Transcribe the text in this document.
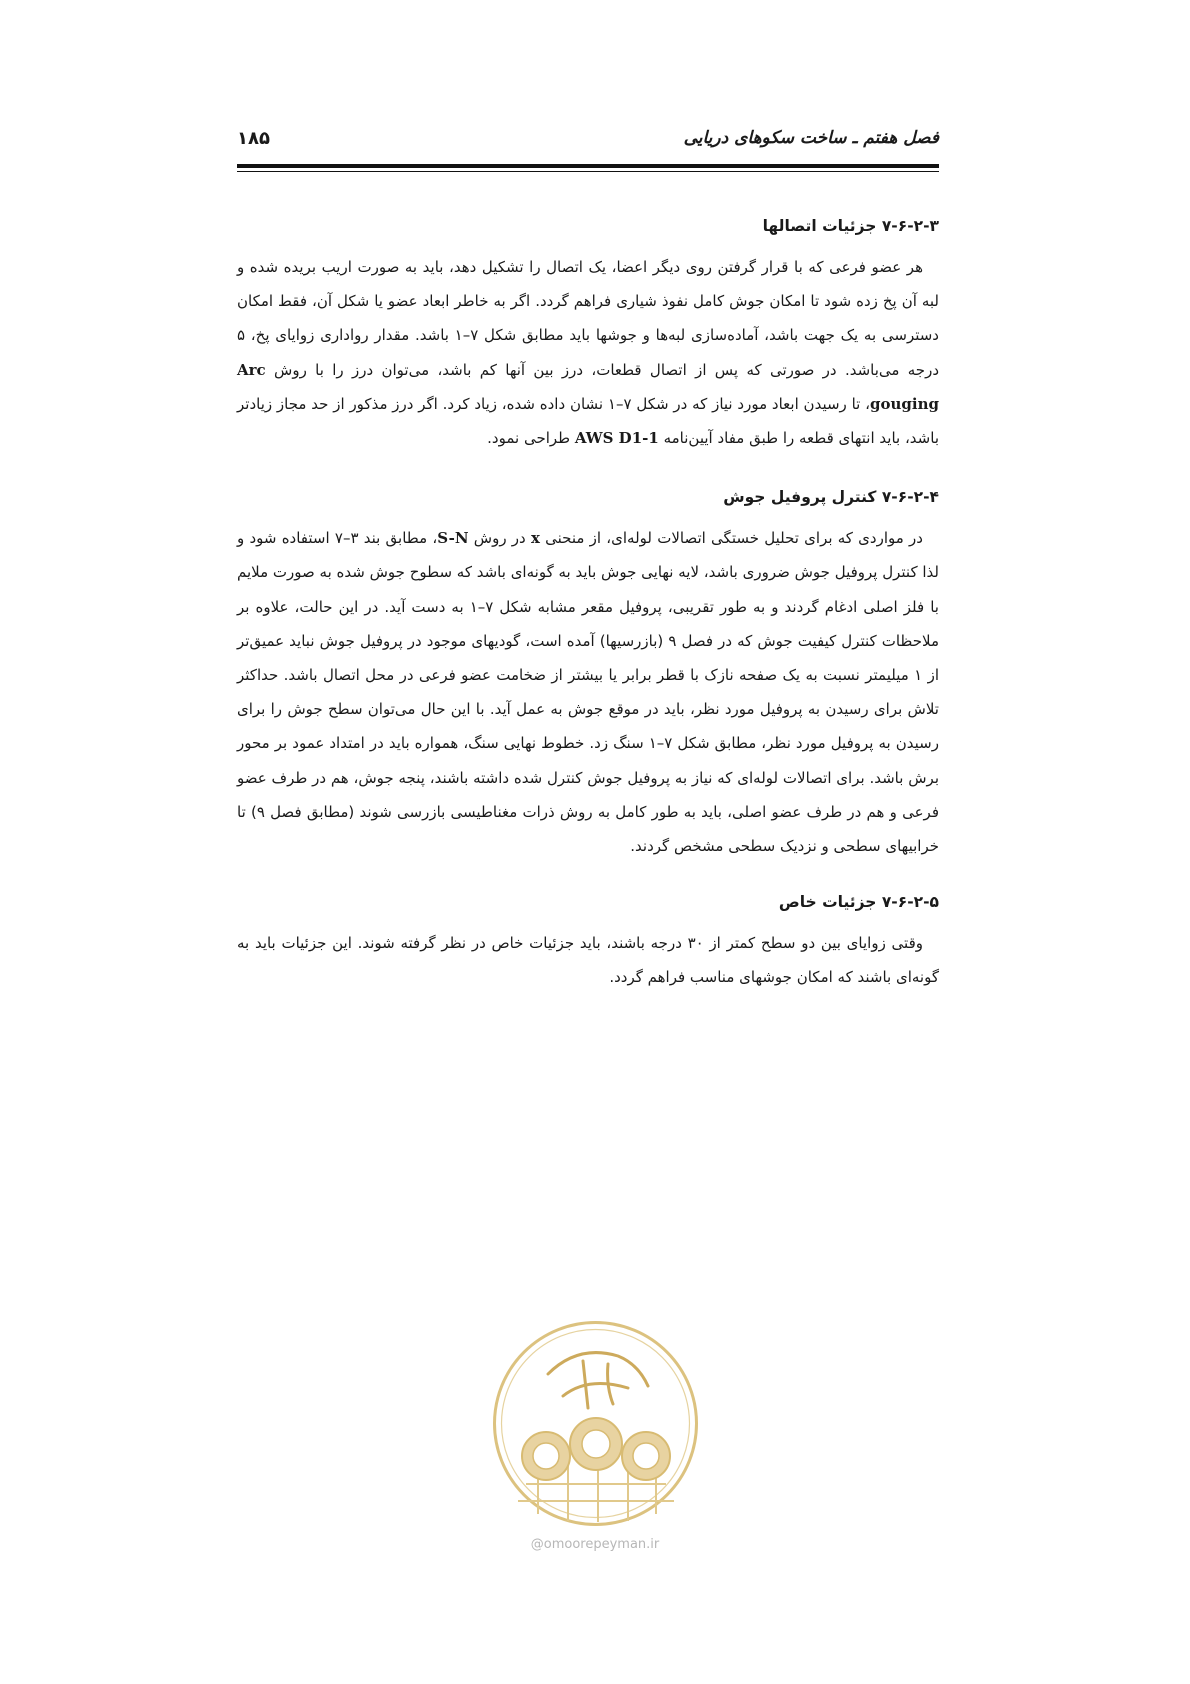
فصل هفتم ـ ساخت سکوهای دریایی
۱۸۵
۷-۶-۲-۳ جزئیات اتصالها

هر عضو فرعی که با قرار گرفتن روی دیگر اعضا، یک اتصال را تشکیل دهد، باید به صورت اریب بریده شده و لبه آن پخ زده شود تا امکان جوش کامل نفوذ شیاری فراهم گردد. اگر به خاطر ابعاد عضو یا شکل آن، فقط امکان دسترسی به یک جهت باشد، آماده‌سازی لبه‌ها و جوشها باید مطابق شکل ۷–۱ باشد. مقدار رواداری زوایای پخ، ۵ درجه می‌باشد. در صورتی که پس از اتصال قطعات، درز بین آنها کم باشد، می‌توان درز را با روش Arc gouging، تا رسیدن ابعاد مورد نیاز که در شکل ۷–۱ نشان داده شده، زیاد کرد. اگر درز مذکور از حد مجاز زیادتر باشد، باید انتهای قطعه را طبق مفاد آیین‌نامه AWS D1-1 طراحی نمود.

۷-۶-۲-۴ کنترل پروفیل جوش

در مواردی که برای تحلیل خستگی اتصالات لوله‌ای، از منحنی x در روش S-N، مطابق بند ۳–۷ استفاده شود و لذا کنترل پروفیل جوش ضروری باشد، لایه نهایی جوش باید به گونه‌ای باشد که سطوح جوش شده به صورت ملایم با فلز اصلی ادغام گردند و به طور تقریبی، پروفیل مقعر مشابه شکل ۷–۱ به دست آید. در این حالت، علاوه بر ملاحظات کنترل کیفیت جوش که در فصل ۹ (بازرسیها) آمده است، گودیهای موجود در پروفیل جوش نباید عمیق‌تر از ۱ میلیمتر نسبت به یک صفحه نازک با قطر برابر یا بیشتر از ضخامت عضو فرعی در محل اتصال باشد. حداکثر تلاش برای رسیدن به پروفیل مورد نظر، باید در موقع جوش به عمل آید. با این حال می‌توان سطح جوش را برای رسیدن به پروفیل مورد نظر، مطابق شکل ۷–۱ سنگ زد. خطوط نهایی سنگ، همواره باید در امتداد عمود بر محور برش باشد. برای اتصالات لوله‌ای که نیاز به پروفیل جوش کنترل شده داشته باشند، پنجه جوش، هم در طرف عضو فرعی و هم در طرف عضو اصلی، باید به طور کامل به روش ذرات مغناطیسی بازرسی شوند (مطابق فصل ۹) تا خرابیهای سطحی و نزدیک سطحی مشخص گردند.

۷-۶-۲-۵ جزئیات خاص

وقتی زوایای بین دو سطح کمتر از ۳۰ درجه باشند، باید جزئیات خاص در نظر گرفته شوند. این جزئیات باید به گونه‌ای باشند که امکان جوشهای مناسب فراهم گردد.

@omoorepeyman.ir
